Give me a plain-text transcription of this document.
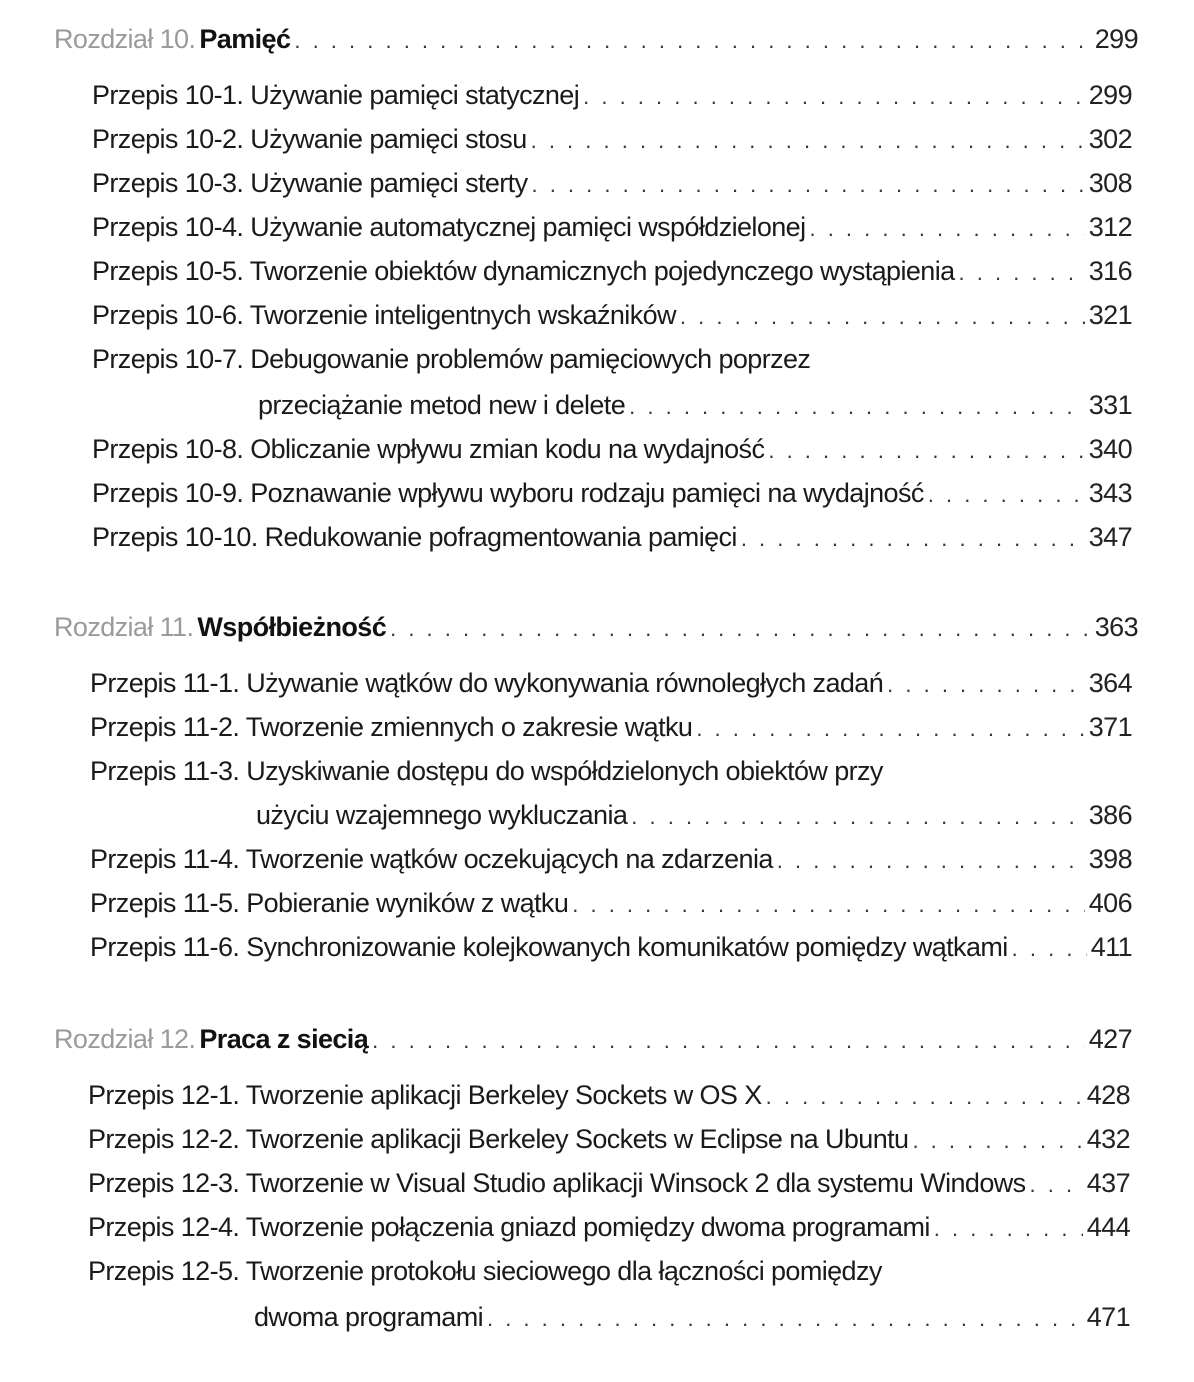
Rozdział 10. Pamięć . . .	299
Przepis 10-1. Używanie pamięci statycznej . . .	299
Przepis 10-2. Używanie pamięci stosu . . .	302
Przepis 10-3. Używanie pamięci sterty . . .	308
Przepis 10-4. Używanie automatycznej pamięci współdzielonej . . .	312
Przepis 10-5. Tworzenie obiektów dynamicznych pojedynczego wystąpienia . . .	316
Przepis 10-6. Tworzenie inteligentnych wskaźników . . .	321
Przepis 10-7. Debugowanie problemów pamięciowych poprzez
przeciążanie metod new i delete . . .	331
Przepis 10-8. Obliczanie wpływu zmian kodu na wydajność . . .	340
Przepis 10-9. Poznawanie wpływu wyboru rodzaju pamięci na wydajność . . .	343
Przepis 10-10. Redukowanie pofragmentowania pamięci . . .	347
Rozdział 11. Współbieżność . . .	363
Przepis 11-1. Używanie wątków do wykonywania równoległych zadań . . .	364
Przepis 11-2. Tworzenie zmiennych o zakresie wątku . . .	371
Przepis 11-3. Uzyskiwanie dostępu do współdzielonych obiektów przy
użyciu wzajemnego wykluczania . . .	386
Przepis 11-4. Tworzenie wątków oczekujących na zdarzenia . . .	398
Przepis 11-5. Pobieranie wyników z wątku . . .	406
Przepis 11-6. Synchronizowanie kolejkowanych komunikatów pomiędzy wątkami . . .	411
Rozdział 12. Praca z siecią . . .	427
Przepis 12-1. Tworzenie aplikacji Berkeley Sockets w OS X . . .	428
Przepis 12-2. Tworzenie aplikacji Berkeley Sockets w Eclipse na Ubuntu . . .	432
Przepis 12-3. Tworzenie w Visual Studio aplikacji Winsock 2 dla systemu Windows . . . 437
Przepis 12-4. Tworzenie połączenia gniazd pomiędzy dwoma programami . . .	444
Przepis 12-5. Tworzenie protokołu sieciowego dla łączności pomiędzy
dwoma programami . . .	471
